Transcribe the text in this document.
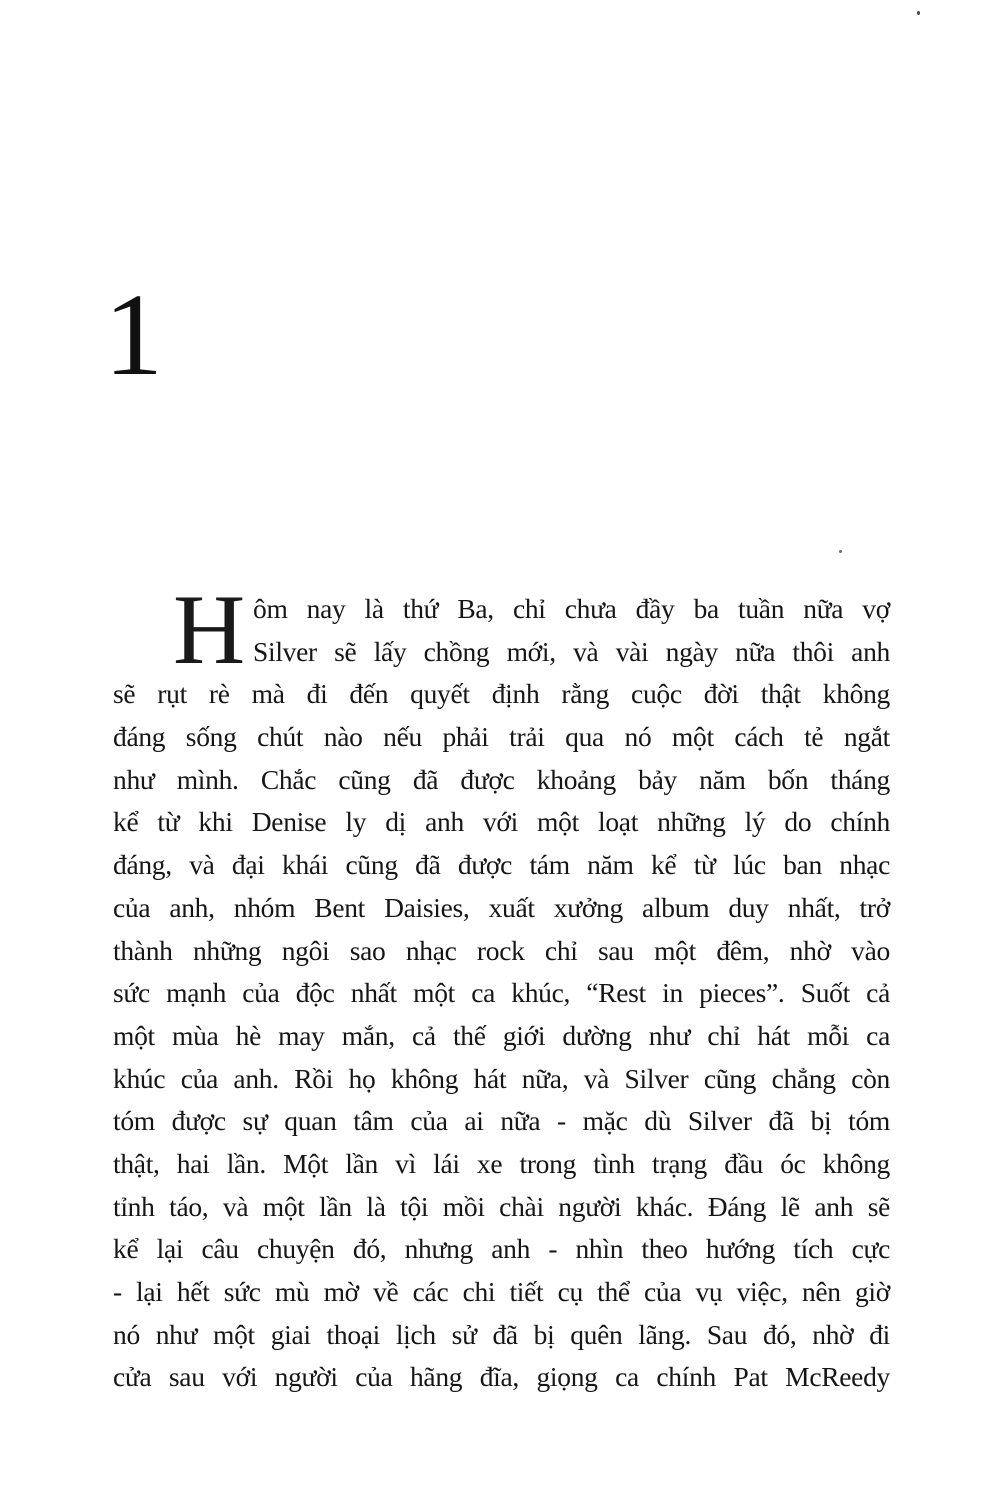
1
H ôm nay là thứ Ba, chỉ chưa đầy ba tuần nữa vợ
Silver sẽ lấy chồng mới, và vài ngày nữa thôi anh
sẽ rụt rè mà đi đến quyết định rằng cuộc đời thật không
đáng sống chút nào nếu phải trải qua nó một cách tẻ ngắt
như mình. Chắc cũng đã được khoảng bảy năm bốn tháng
kể từ khi Denise ly dị anh với một loạt những lý do chính
đáng, và đại khái cũng đã được tám năm kể từ lúc ban nhạc
của anh, nhóm Bent Daisies, xuất xưởng album duy nhất, trở
thành những ngôi sao nhạc rock chỉ sau một đêm, nhờ vào
sức mạnh của độc nhất một ca khúc, “Rest in pieces”. Suốt cả
một mùa hè may mắn, cả thế giới dường như chỉ hát mỗi ca
khúc của anh. Rồi họ không hát nữa, và Silver cũng chẳng còn
tóm được sự quan tâm của ai nữa - mặc dù Silver đã bị tóm
thật, hai lần. Một lần vì lái xe trong tình trạng đầu óc không
tỉnh táo, và một lần là tội mồi chài người khác. Đáng lẽ anh sẽ
kể lại câu chuyện đó, nhưng anh - nhìn theo hướng tích cực
- lại hết sức mù mờ về các chi tiết cụ thể của vụ việc, nên giờ
nó như một giai thoại lịch sử đã bị quên lãng. Sau đó, nhờ đi
cửa sau với người của hãng đĩa, giọng ca chính Pat McReedy
